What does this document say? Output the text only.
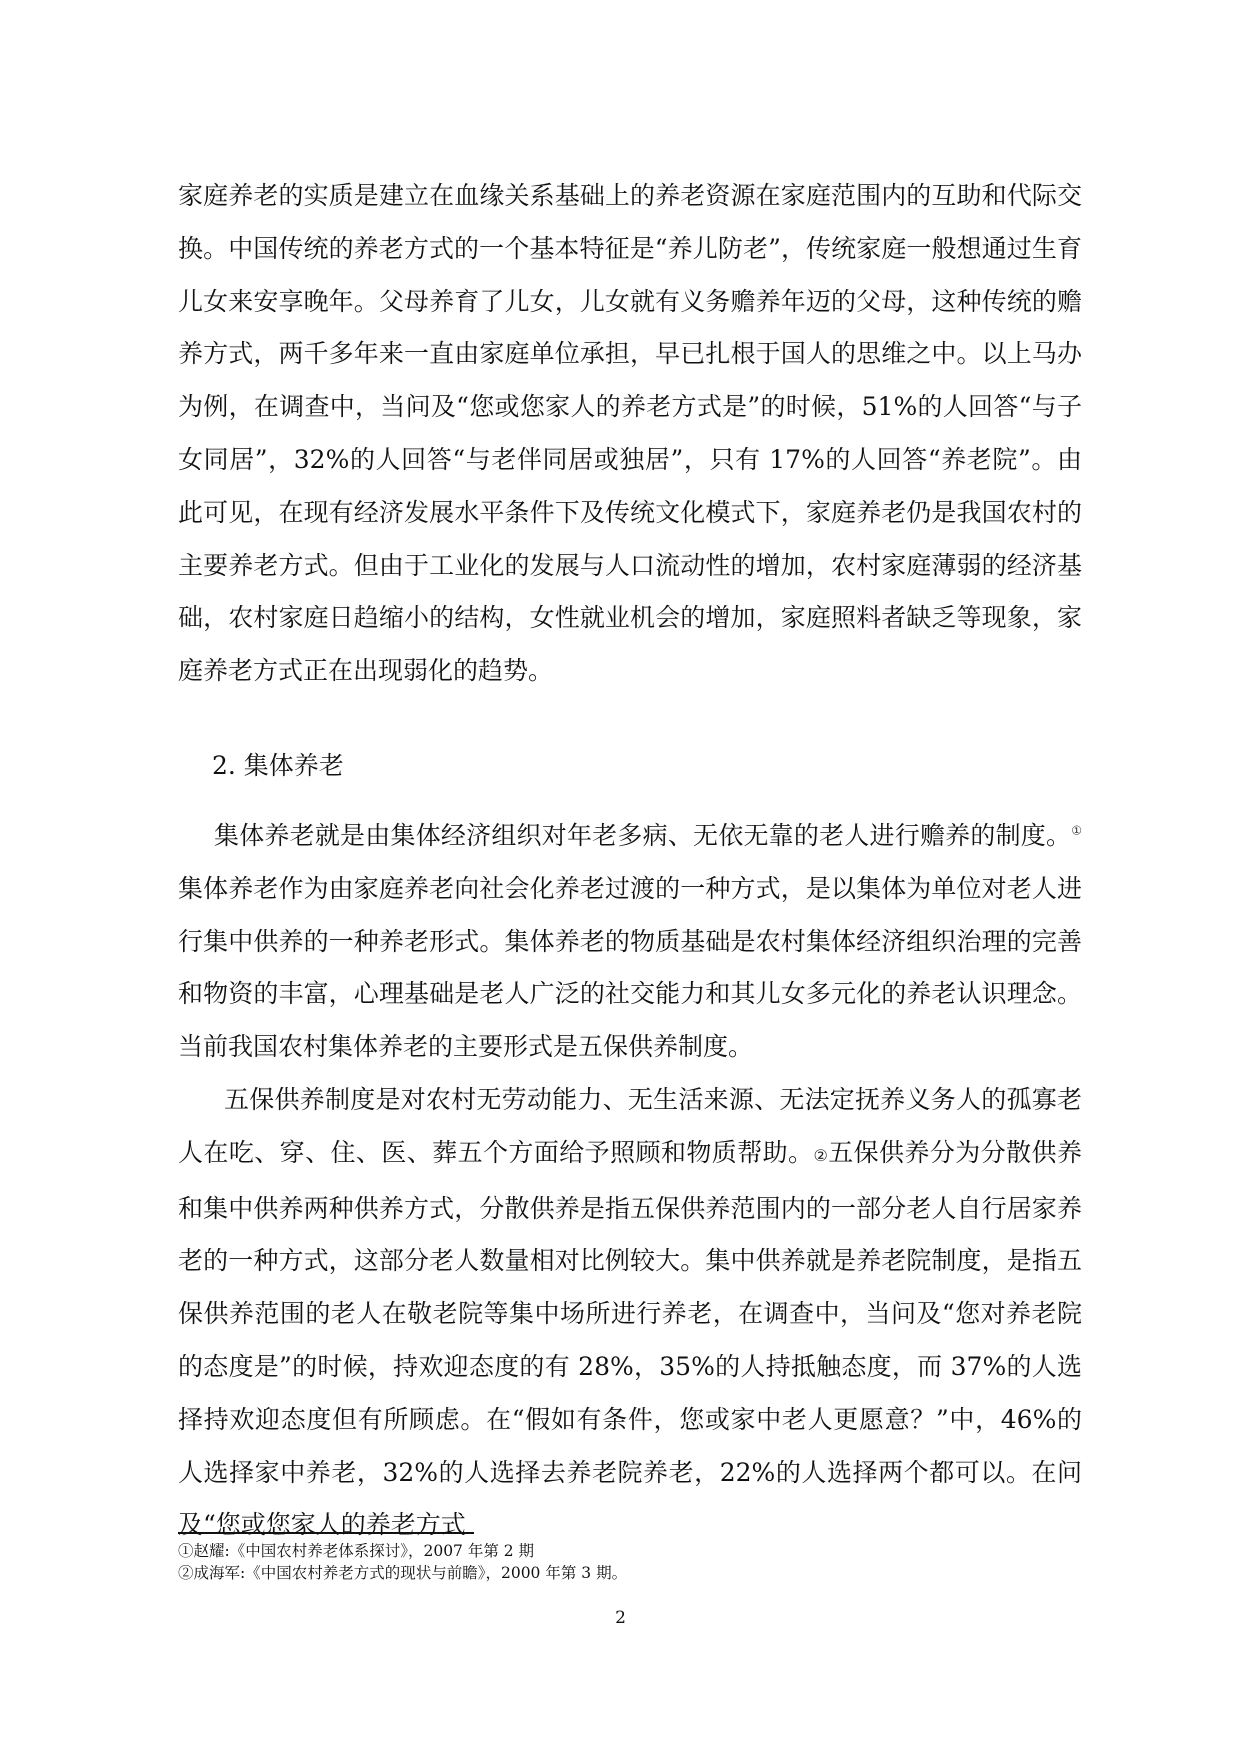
家庭养老的实质是建立在血缘关系基础上的养老资源在家庭范围内的互助和代际交换。中国传统的养老方式的一个基本特征是“养儿防老”，传统家庭一般想通过生育儿女来安享晚年。父母养育了儿女，儿女就有义务赡养年迈的父母，这种传统的赡养方式，两千多年来一直由家庭单位承担，早已扎根于国人的思维之中。以上马办为例，在调查中，当问及“您或您家人的养老方式是”的时候，51%的人回答“与子女同居”，32%的人回答“与老伴同居或独居”，只有 17%的人回答“养老院”。由此可见，在现有经济发展水平条件下及传统文化模式下，家庭养老仍是我国农村的主要养老方式。但由于工业化的发展与人口流动性的增加，农村家庭薄弱的经济基础，农村家庭日趋缩小的结构，女性就业机会的增加，家庭照料者缺乏等现象，家庭养老方式正在出现弱化的趋势。

2. 集体养老

集体养老就是由集体经济组织对年老多病、无依无靠的老人进行赡养的制度。①集体养老作为由家庭养老向社会化养老过渡的一种方式，是以集体为单位对老人进行集中供养的一种养老形式。集体养老的物质基础是农村集体经济组织治理的完善和物资的丰富，心理基础是老人广泛的社交能力和其儿女多元化的养老认识理念。当前我国农村集体养老的主要形式是五保供养制度。

五保供养制度是对农村无劳动能力、无生活来源、无法定抚养义务人的孤寡老人在吃、穿、住、医、葬五个方面给予照顾和物质帮助。②五保供养分为分散供养和集中供养两种供养方式，分散供养是指五保供养范围内的一部分老人自行居家养老的一种方式，这部分老人数量相对比例较大。集中供养就是养老院制度，是指五保供养范围的老人在敬老院等集中场所进行养老，在调查中，当问及“您对养老院的态度是”的时候，持欢迎态度的有 28%，35%的人持抵触态度，而 37%的人选择持欢迎态度但有所顾虑。在“假如有条件，您或家中老人更愿意？”中，46%的人选择家中养老，32%的人选择去养老院养老，22%的人选择两个都可以。在问及“您或您家人的养老方式

①赵耀:《中国农村养老体系探讨》，2007 年第 2 期
②成海军:《中国农村养老方式的现状与前瞻》，2000 年第 3 期。
2
